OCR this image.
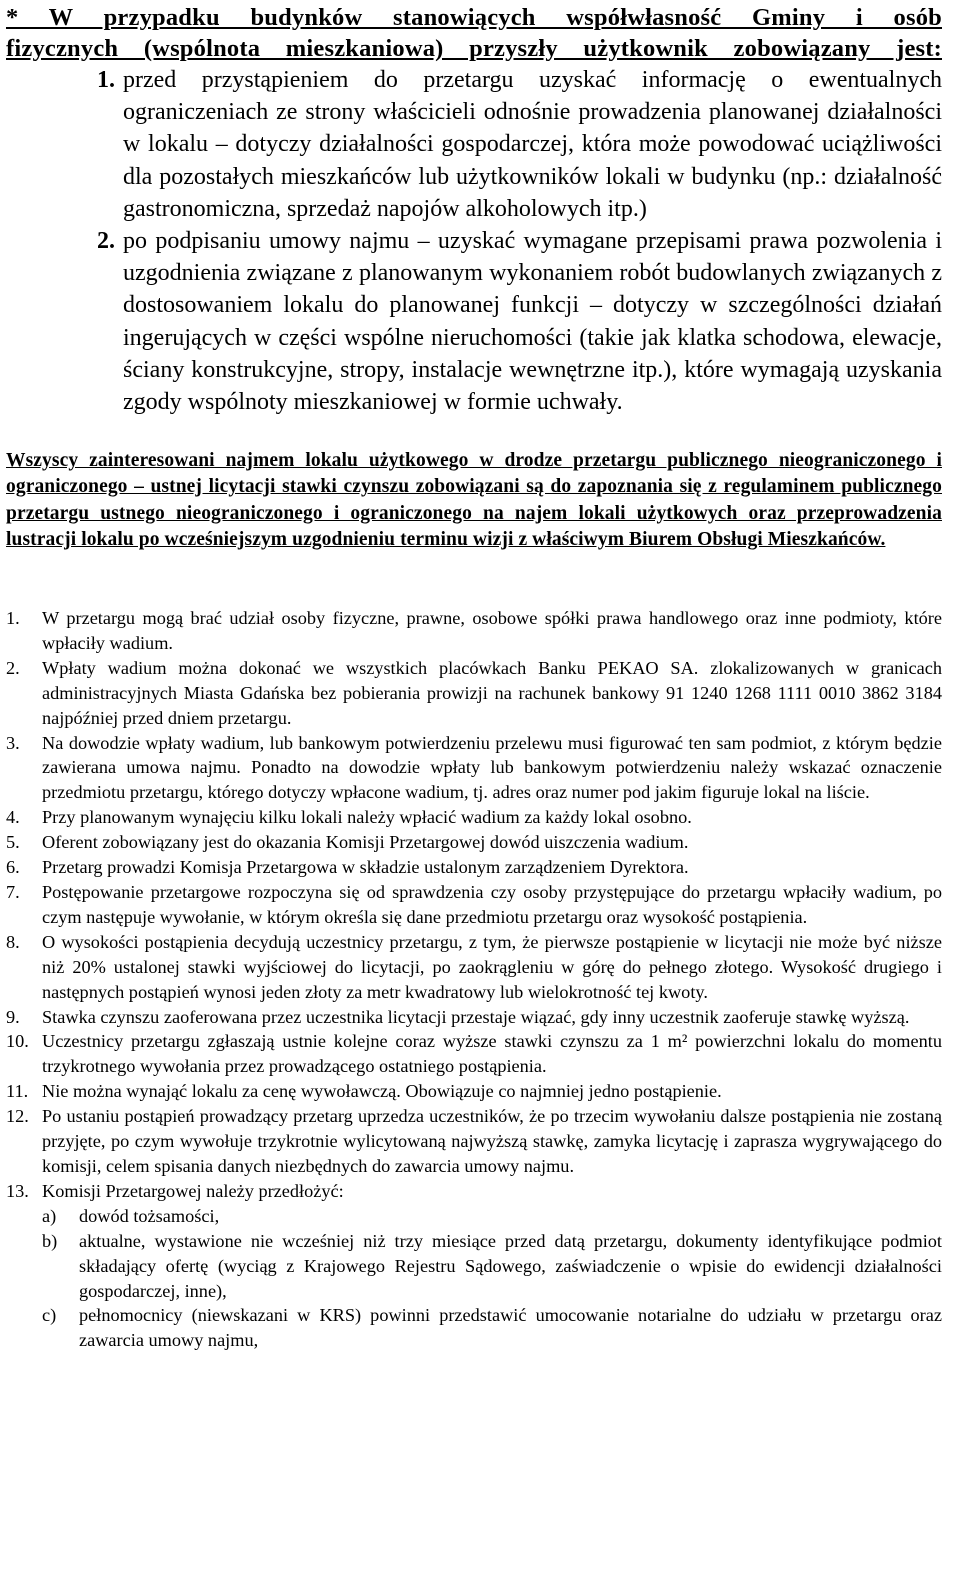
* W przypadku budynków stanowiących współwłasność Gminy i osób
fizycznych (wspólnota mieszkaniowa) przyszły użytkownik zobowiązany jest:
1. przed przystąpieniem do przetargu uzyskać informację o ewentualnych ograniczeniach ze strony właścicieli odnośnie prowadzenia planowanej działalności w lokalu – dotyczy działalności gospodarczej, która może powodować uciążliwości dla pozostałych mieszkańców lub użytkowników lokali w budynku (np.: działalność gastronomiczna, sprzedaż napojów alkoholowych itp.)
2. po podpisaniu umowy najmu – uzyskać wymagane przepisami prawa pozwolenia i uzgodnienia związane z planowanym wykonaniem robót budowlanych związanych z dostosowaniem lokalu do planowanej funkcji – dotyczy w szczególności działań ingerujących w części wspólne nieruchomości (takie jak klatka schodowa, elewacje, ściany konstrukcyjne, stropy, instalacje wewnętrzne itp.), które wymagają uzyskania zgody wspólnoty mieszkaniowej w formie uchwały.

Wszyscy zainteresowani najmem lokalu użytkowego w drodze przetargu publicznego nieograniczonego i ograniczonego – ustnej licytacji stawki czynszu zobowiązani są do zapoznania się z regulaminem publicznego przetargu ustnego nieograniczonego i ograniczonego na najem lokali użytkowych oraz przeprowadzenia lustracji lokalu po wcześniejszym uzgodnieniu terminu wizji z właściwym Biurem Obsługi Mieszkańców.

1.	W przetargu mogą brać udział osoby fizyczne, prawne, osobowe spółki prawa handlowego oraz inne podmioty, które wpłaciły wadium.
2.	Wpłaty wadium można dokonać we wszystkich placówkach Banku PEKAO SA. zlokalizowanych w granicach administracyjnych Miasta Gdańska bez pobierania prowizji na rachunek bankowy 91 1240 1268 1111 0010 3862 3184 najpóźniej przed dniem przetargu.
3.	Na dowodzie wpłaty wadium, lub bankowym potwierdzeniu przelewu musi figurować ten sam podmiot, z którym będzie zawierana umowa najmu. Ponadto na dowodzie wpłaty lub bankowym potwierdzeniu należy wskazać oznaczenie przedmiotu przetargu, którego dotyczy wpłacone wadium, tj. adres oraz numer pod jakim figuruje lokal na liście.
4.	Przy planowanym wynajęciu kilku lokali należy wpłacić wadium za każdy lokal osobno.
5.	Oferent zobowiązany jest do okazania Komisji Przetargowej dowód uiszczenia wadium.
6.	Przetarg prowadzi Komisja Przetargowa w składzie ustalonym zarządzeniem Dyrektora.
7.	Postępowanie przetargowe rozpoczyna się od sprawdzenia czy osoby przystępujące do przetargu wpłaciły wadium, po czym następuje wywołanie, w którym określa się dane przedmiotu przetargu oraz wysokość postąpienia.
8.	O wysokości postąpienia decydują uczestnicy przetargu, z tym, że pierwsze postąpienie w licytacji nie może być niższe niż 20% ustalonej stawki wyjściowej do licytacji, po zaokrągleniu w górę do pełnego złotego. Wysokość drugiego i następnych postąpień wynosi jeden złoty za metr kwadratowy lub wielokrotność tej kwoty.
9.	Stawka czynszu zaoferowana przez uczestnika licytacji przestaje wiązać, gdy inny uczestnik zaoferuje stawkę wyższą.
10. Uczestnicy przetargu zgłaszają ustnie kolejne coraz wyższe stawki czynszu za 1 m² powierzchni lokalu do momentu trzykrotnego wywołania przez prowadzącego ostatniego postąpienia.
11. Nie można wynająć lokalu za cenę wywoławczą. Obowiązuje co najmniej jedno postąpienie.
12. Po ustaniu postąpień prowadzący przetarg uprzedza uczestników, że po trzecim wywołaniu dalsze postąpienia nie zostaną przyjęte, po czym wywołuje trzykrotnie wylicytowaną najwyższą stawkę, zamyka licytację i zaprasza wygrywającego do komisji, celem spisania danych niezbędnych do zawarcia umowy najmu.
13. Komisji Przetargowej należy przedłożyć:
a)	dowód tożsamości,
b)	aktualne, wystawione nie wcześniej niż trzy miesiące przed datą przetargu, dokumenty identyfikujące podmiot składający ofertę (wyciąg z Krajowego Rejestru Sądowego, zaświadczenie o wpisie do ewidencji działalności gospodarczej, inne),
c)	pełnomocnicy (niewskazani w KRS) powinni przedstawić umocowanie notarialne do udziału w przetargu oraz zawarcia umowy najmu,
